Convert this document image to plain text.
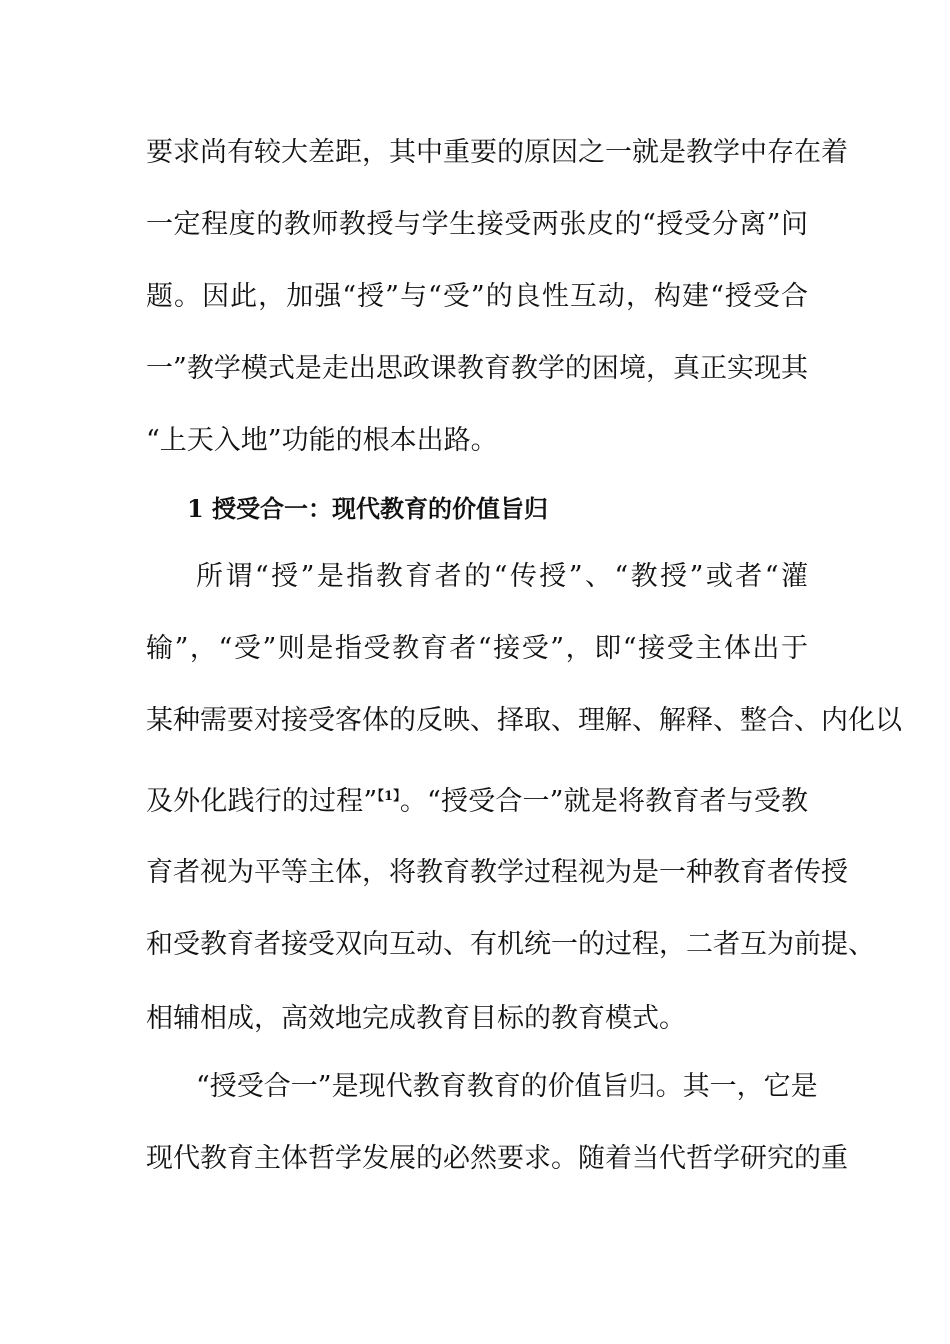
要求尚有较大差距，其中重要的原因之一就是教学中存在着
一定程度的教师教授与学生接受两张皮的“授受分离”问
题。因此，加强“授”与“受”的良性互动，构建“授受合
一”教学模式是走出思政课教育教学的困境，真正实现其
“上天入地”功能的根本出路。
1 授受合一：现代教育的价值旨归
所谓“授”是指教育者的“传授”、“教授”或者“灌
输”，“受”则是指受教育者“接受”，即“接受主体出于
某种需要对接受客体的反映、择取、理解、解释、整合、内化以
及外化践行的过程”$^{【1】}$。“授受合一”就是将教育者与受教
育者视为平等主体，将教育教学过程视为是一种教育者传授
和受教育者接受双向互动、有机统一的过程，二者互为前提、
相辅相成，高效地完成教育目标的教育模式。
“授受合一”是现代教育教育的价值旨归。其一，它是
现代教育主体哲学发展的必然要求。随着当代哲学研究的重
